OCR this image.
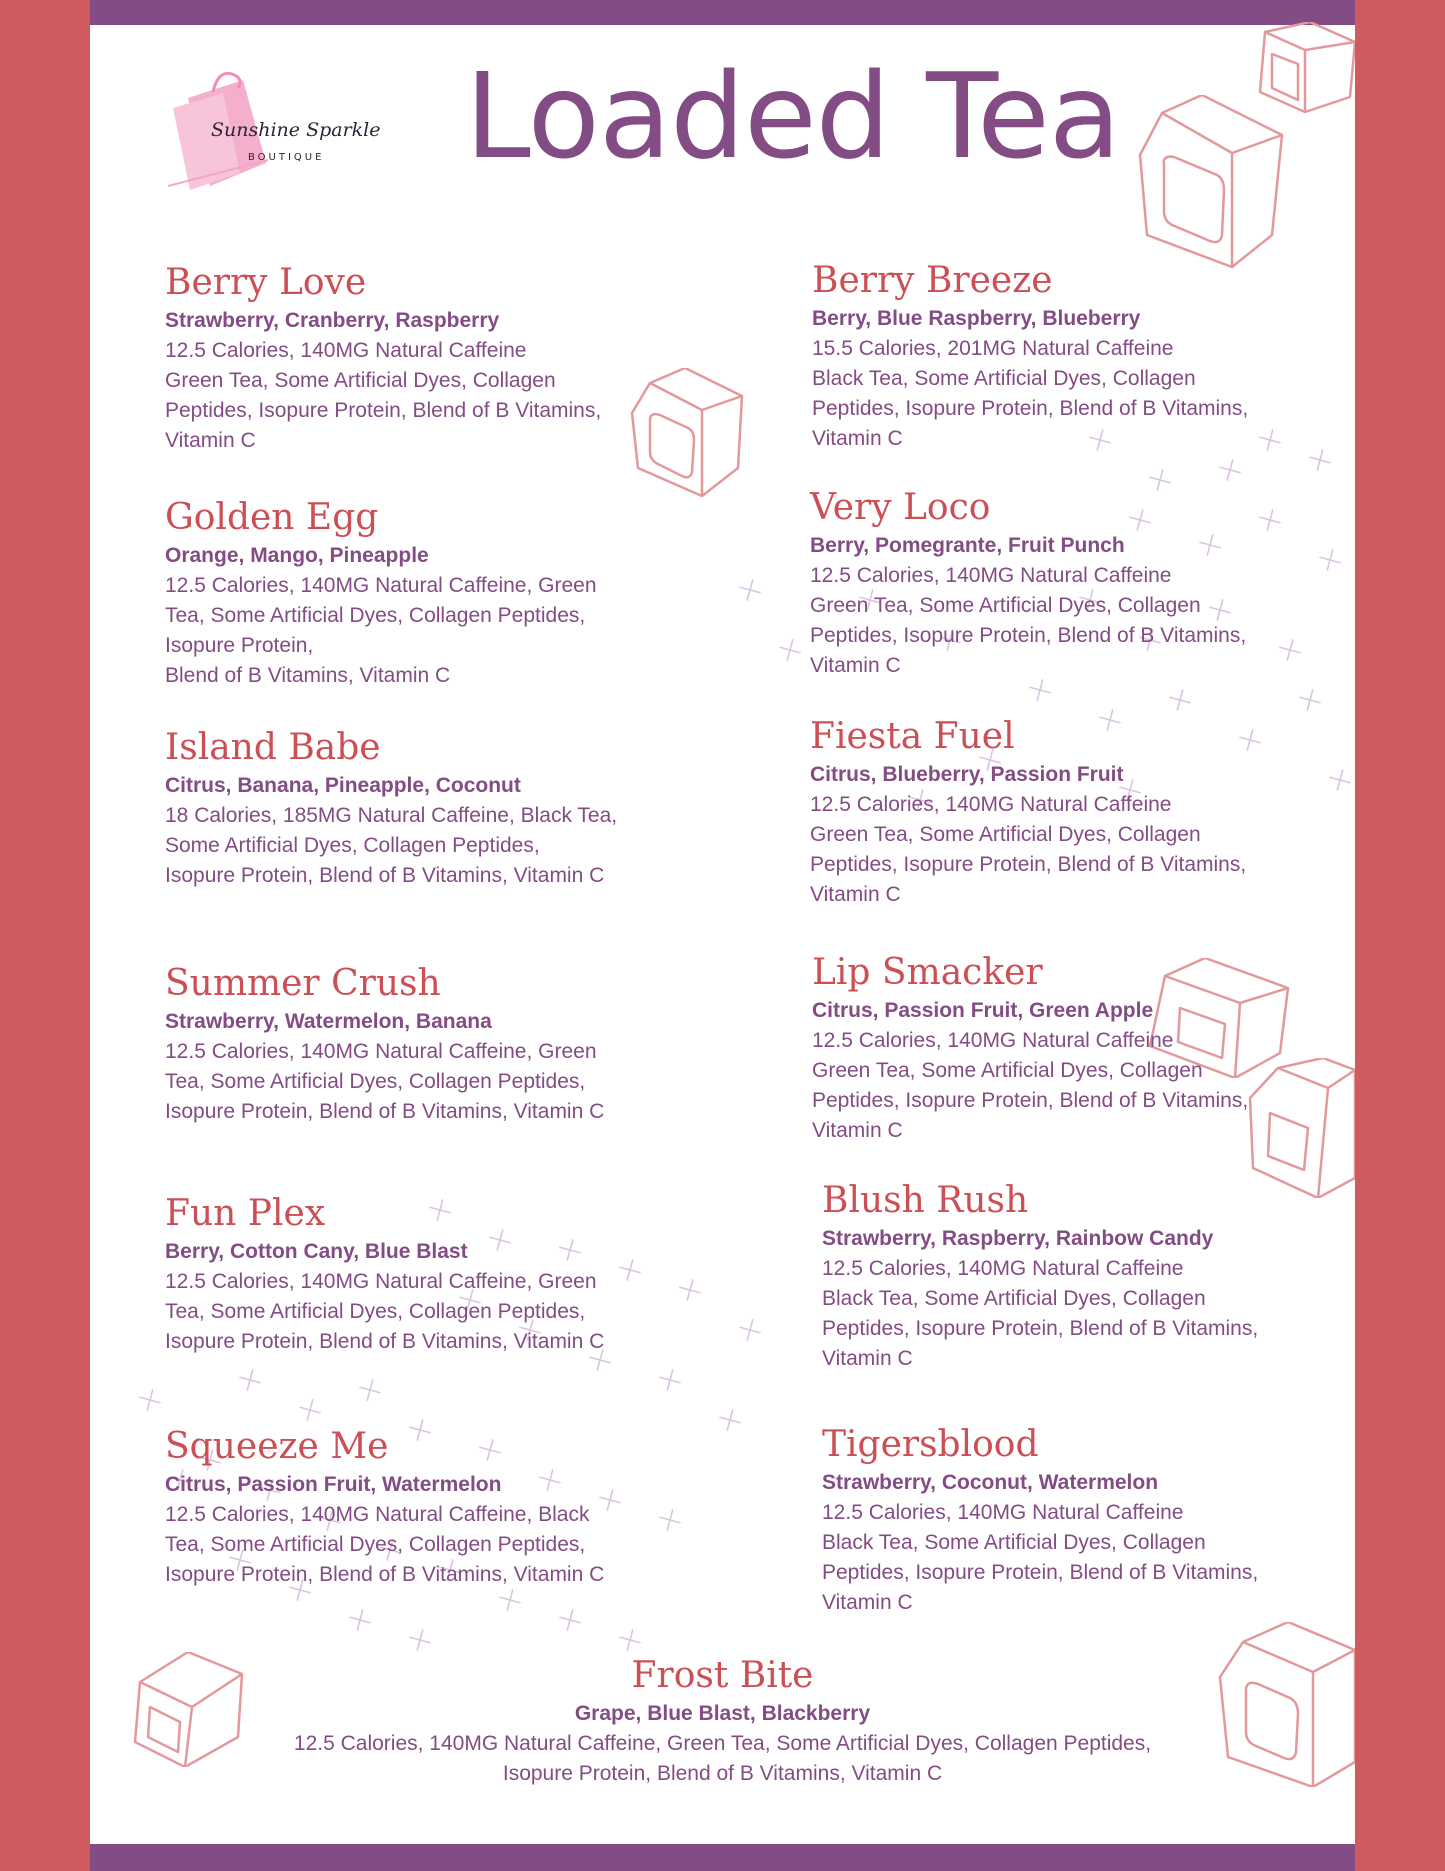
Sunshine Sparkle
BOUTIQUE Loaded Tea
Berry Love
Strawberry, Cranberry, Raspberry
12.5 Calories, 140MG Natural Caffeine
Green Tea, Some Artificial Dyes, Collagen
Peptides, Isopure Protein, Blend of B Vitamins,
Vitamin C
Golden Egg
Orange, Mango, Pineapple
12.5 Calories, 140MG Natural Caffeine, Green
Tea, Some Artificial Dyes, Collagen Peptides,
Isopure Protein,
Blend of B Vitamins, Vitamin C
Island Babe
Citrus, Banana, Pineapple, Coconut
18 Calories, 185MG Natural Caffeine, Black Tea,
Some Artificial Dyes, Collagen Peptides,
Isopure Protein, Blend of B Vitamins, Vitamin C
Summer Crush
Strawberry, Watermelon, Banana
12.5 Calories, 140MG Natural Caffeine, Green
Tea, Some Artificial Dyes, Collagen Peptides,
Isopure Protein, Blend of B Vitamins, Vitamin C
Fun Plex
Berry, Cotton Cany, Blue Blast
12.5 Calories, 140MG Natural Caffeine, Green
Tea, Some Artificial Dyes, Collagen Peptides,
Isopure Protein, Blend of B Vitamins, Vitamin C
Squeeze Me
Citrus, Passion Fruit, Watermelon
12.5 Calories, 140MG Natural Caffeine, Black
Tea, Some Artificial Dyes, Collagen Peptides,
Isopure Protein, Blend of B Vitamins, Vitamin C
Berry Breeze
Berry, Blue Raspberry, Blueberry
15.5 Calories, 201MG Natural Caffeine
Black Tea, Some Artificial Dyes, Collagen
Peptides, Isopure Protein, Blend of B Vitamins,
Vitamin C
Very Loco
Berry, Pomegrante, Fruit Punch
12.5 Calories, 140MG Natural Caffeine
Green Tea, Some Artificial Dyes, Collagen
Peptides, Isopure Protein, Blend of B Vitamins,
Vitamin C
Fiesta Fuel
Citrus, Blueberry, Passion Fruit
12.5 Calories, 140MG Natural Caffeine
Green Tea, Some Artificial Dyes, Collagen
Peptides, Isopure Protein, Blend of B Vitamins,
Vitamin C
Lip Smacker
Citrus, Passion Fruit, Green Apple
12.5 Calories, 140MG Natural Caffeine
Green Tea, Some Artificial Dyes, Collagen
Peptides, Isopure Protein, Blend of B Vitamins,
Vitamin C
Blush Rush
Strawberry, Raspberry, Rainbow Candy
12.5 Calories, 140MG Natural Caffeine
Black Tea, Some Artificial Dyes, Collagen
Peptides, Isopure Protein, Blend of B Vitamins,
Vitamin C
Tigersblood
Strawberry, Coconut, Watermelon
12.5 Calories, 140MG Natural Caffeine
Black Tea, Some Artificial Dyes, Collagen
Peptides, Isopure Protein, Blend of B Vitamins,
Vitamin C
Frost Bite
Grape, Blue Blast, Blackberry
12.5 Calories, 140MG Natural Caffeine, Green Tea, Some Artificial Dyes, Collagen Peptides,
Isopure Protein, Blend of B Vitamins, Vitamin C
